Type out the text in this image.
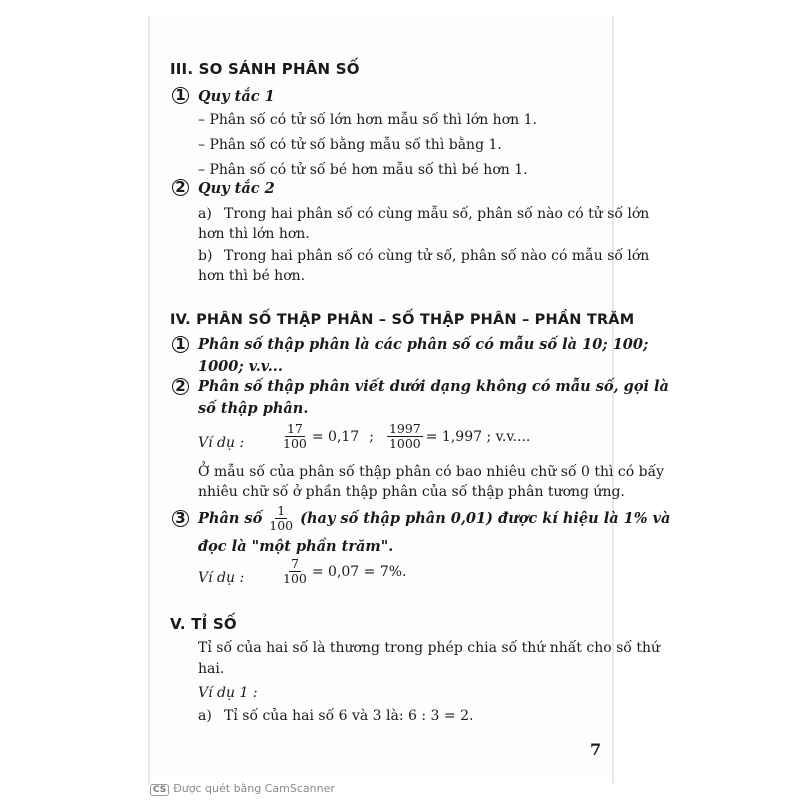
III. SO SÁNH PHÂN SỐ
1 Quy tắc 1
– Phân số có tử số lớn hơn mẫu số thì lớn hơn 1.
– Phân số có tử số bằng mẫu số thì bằng 1.
– Phân số có tử số bé hơn mẫu số thì bé hơn 1.
2 Quy tắc 2
a) Trong hai phân số có cùng mẫu số, phân số nào có tử số lớn
hơn thì lớn hơn.
b) Trong hai phân số có cùng tử số, phân số nào có mẫu số lớn
hơn thì bé hơn.
IV. PHÂN SỐ THẬP PHÂN – SỐ THẬP PHÂN – PHẦN TRĂM
1 Phân số thập phân là các phân số có mẫu số là 10; 100;
1000; v.v...
2 Phân số thập phân viết dưới dạng không có mẫu số, gọi là
số thập phân.
Ví dụ :	$\frac{17}{100} = 0,17$ ; $\frac{1997}{1000} = 1,997$ ; v.v....
Ở mẫu số của phân số thập phân có bao nhiêu chữ số 0 thì có bấy
nhiêu chữ số ở phần thập phân của số thập phân tương ứng.
3 Phân số $\frac{1}{100} (hay$ số thập phân 0,01) được kí hiệu là 1% và
đọc là "một phần trăm".
Ví dụ :	$\frac{7}{100} = 0,07 = 7\%$.
V. TỈ SỐ
Tỉ số của hai số là thương trong phép chia số thứ nhất cho số thứ
hai.
Ví dụ 1 :
a) Tỉ số của hai số 6 và 3 là: 6 : 3 = 2.
7
CS Được quét bằng CamScanner
